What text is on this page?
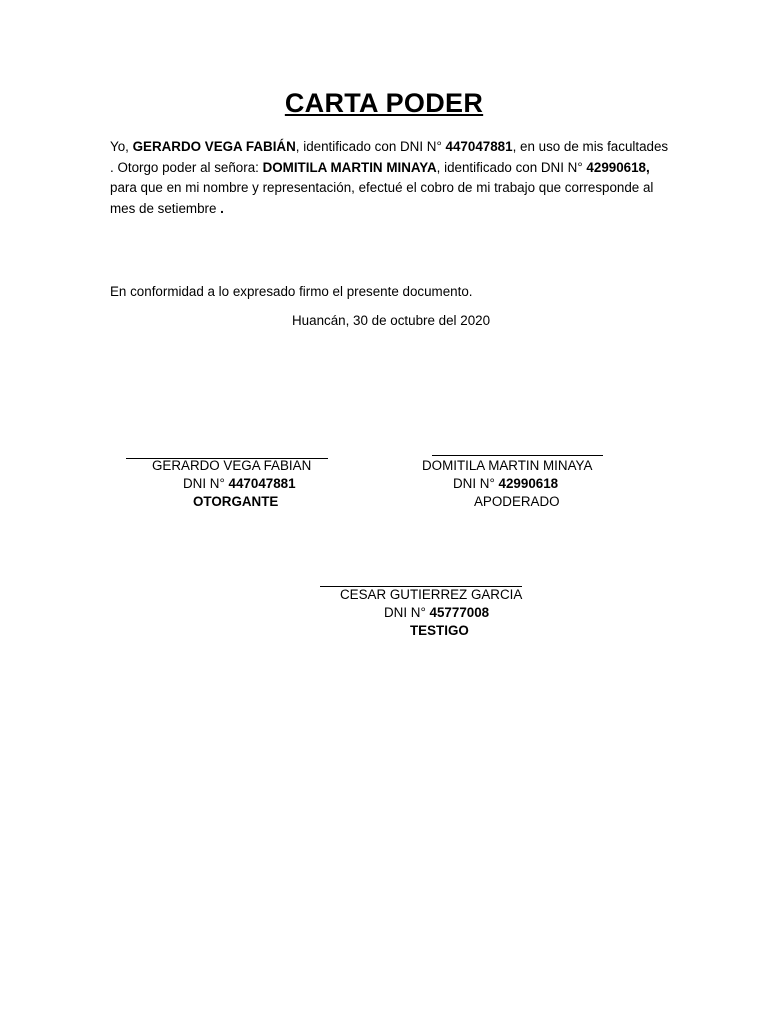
CARTA PODER
Yo, GERARDO VEGA FABIÁN, identificado con DNI N° 447047881, en uso de mis facultades . Otorgo poder al señora: DOMITILA MARTIN MINAYA, identificado con DNI N° 42990618, para que en mi nombre y representación, efectué el cobro de mi trabajo que corresponde al mes de setiembre .
En conformidad a lo expresado firmo el presente documento.
Huancán, 30 de octubre del 2020
GERARDO VEGA FABIAN
DNI N° 447047881
OTORGANTE
DOMITILA MARTIN MINAYA
DNI N° 42990618
APODERADO
CESAR GUTIERREZ GARCIA
DNI N° 45777008
TESTIGO
